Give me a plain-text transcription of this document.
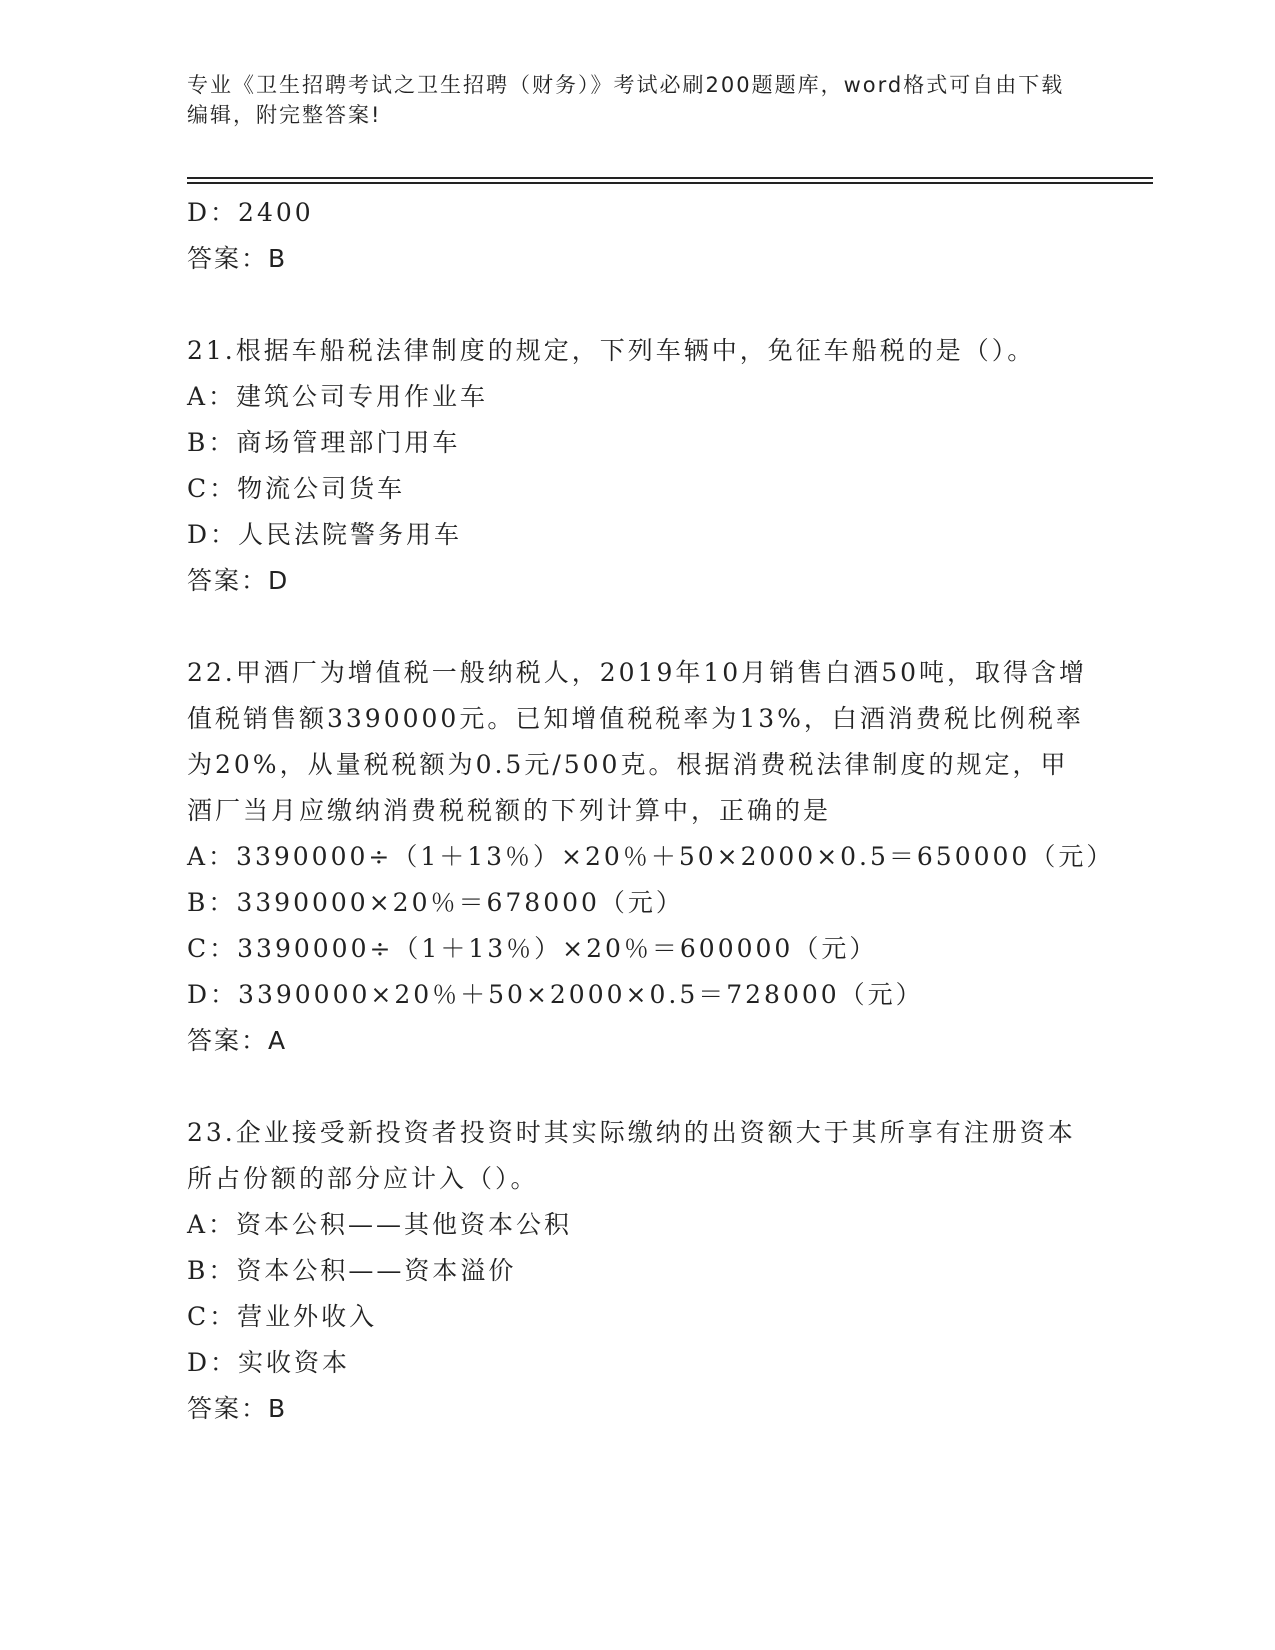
专业《卫生招聘考试之卫生招聘（财务）》考试必刷200题题库，word格式可自由下载编辑，附完整答案!
D：2400
答案：B
21.根据车船税法律制度的规定，下列车辆中，免征车船税的是（）。
A：建筑公司专用作业车
B：商场管理部门用车
C：物流公司货车
D：人民法院警务用车
答案：D
22.甲酒厂为增值税一般纳税人，2019年10月销售白酒50吨，取得含增值税销售额3390000元。已知增值税税率为13%，白酒消费税比例税率为20%，从量税税额为0.5元/500克。根据消费税法律制度的规定，甲酒厂当月应缴纳消费税税额的下列计算中，正确的是
A：3390000÷（1＋13％）×20％＋50×2000×0.5＝650000（元）
B：3390000×20％＝678000（元）
C：3390000÷（1＋13％）×20％＝600000（元）
D：3390000×20％＋50×2000×0.5＝728000（元）
答案：A
23.企业接受新投资者投资时其实际缴纳的出资额大于其所享有注册资本所占份额的部分应计入（）。
A：资本公积——其他资本公积
B：资本公积——资本溢价
C：营业外收入
D：实收资本
答案：B
